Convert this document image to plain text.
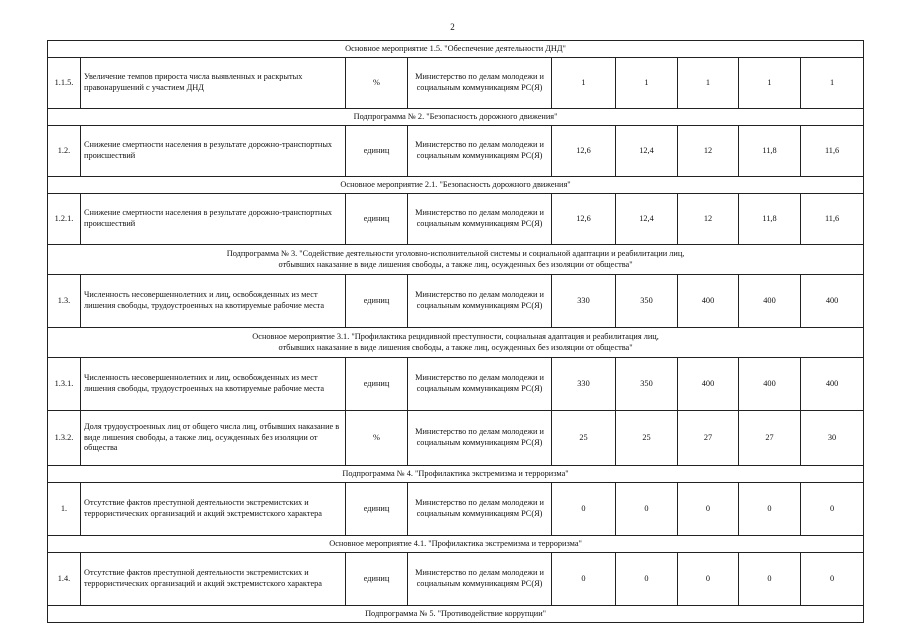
2
Основное мероприятие 1.5. "Обеспечение деятельности ДНД"								
1.1.5.	Увеличение темпов прироста числа выявленных и раскрытых правонарушений с участием ДНД	%	Министерство по делам молодежи и социальным коммуникациям РС(Я)	1	1	1	1	1
Подпрограмма № 2. "Безопасность дорожного движения"								
1.2.	Снижение смертности населения в результате дорожно-транспортных происшествий	единиц	Министерство по делам молодежи и социальным коммуникациям РС(Я)	12,6	12,4	12	11,8	11,6
Основное мероприятие 2.1. "Безопасность дорожного движения"								
1.2.1.	Снижение смертности населения в результате дорожно-транспортных происшествий	единиц	Министерство по делам молодежи и социальным коммуникациям РС(Я)	12,6	12,4	12	11,8	11,6

Подпрограмма № 3. "Содействие деятельности уголовно-исполнительной системы и социальной адаптации и реабилитации лиц,
отбывших наказание в виде лишения свободы, а также лиц, осужденных без изоляции от общества"								

1.3.	Численность несовершеннолетних и лиц, освобожденных из мест лишения свободы, трудоустроенных на квотируемые рабочие места	единиц	Министерство по делам молодежи и социальным коммуникациям РС(Я)	330	350	400	400	400

Основное мероприятие 3.1. "Профилактика рецидивной преступности, социальная адаптация и реабилитация лиц,
отбывших наказание в виде лишения свободы, а также лиц, осужденных без изоляции от общества"								

1.3.1.	Численность несовершеннолетних и лиц, освобожденных из мест лишения свободы, трудоустроенных на квотируемые рабочие места	единиц	Министерство по делам молодежи и социальным коммуникациям РС(Я)	330	350	400	400	400
1.3.2.	Доля трудоустроенных лиц от общего числа лиц, отбывших наказание в виде лишения свободы, а также лиц, осужденных без изоляции от общества	%	Министерство по делам молодежи и социальным коммуникациям РС(Я)	25	25	27	27	30
Подпрограмма № 4. "Профилактика экстремизма и терроризма"								
1.	Отсутствие фактов преступной деятельности экстремистских и террористических организаций и акций экстремистского характера	единиц	Министерство по делам молодежи и социальным коммуникациям РС(Я)	0	0	0	0	0
Основное мероприятие 4.1. "Профилактика экстремизма и терроризма"								
1.4.	Отсутствие фактов преступной деятельности экстремистских и террористических организаций и акций экстремистского характера	единиц	Министерство по делам молодежи и социальным коммуникациям РС(Я)	0	0	0	0	0
Подпрограмма № 5. "Противодействие коррупции"								
